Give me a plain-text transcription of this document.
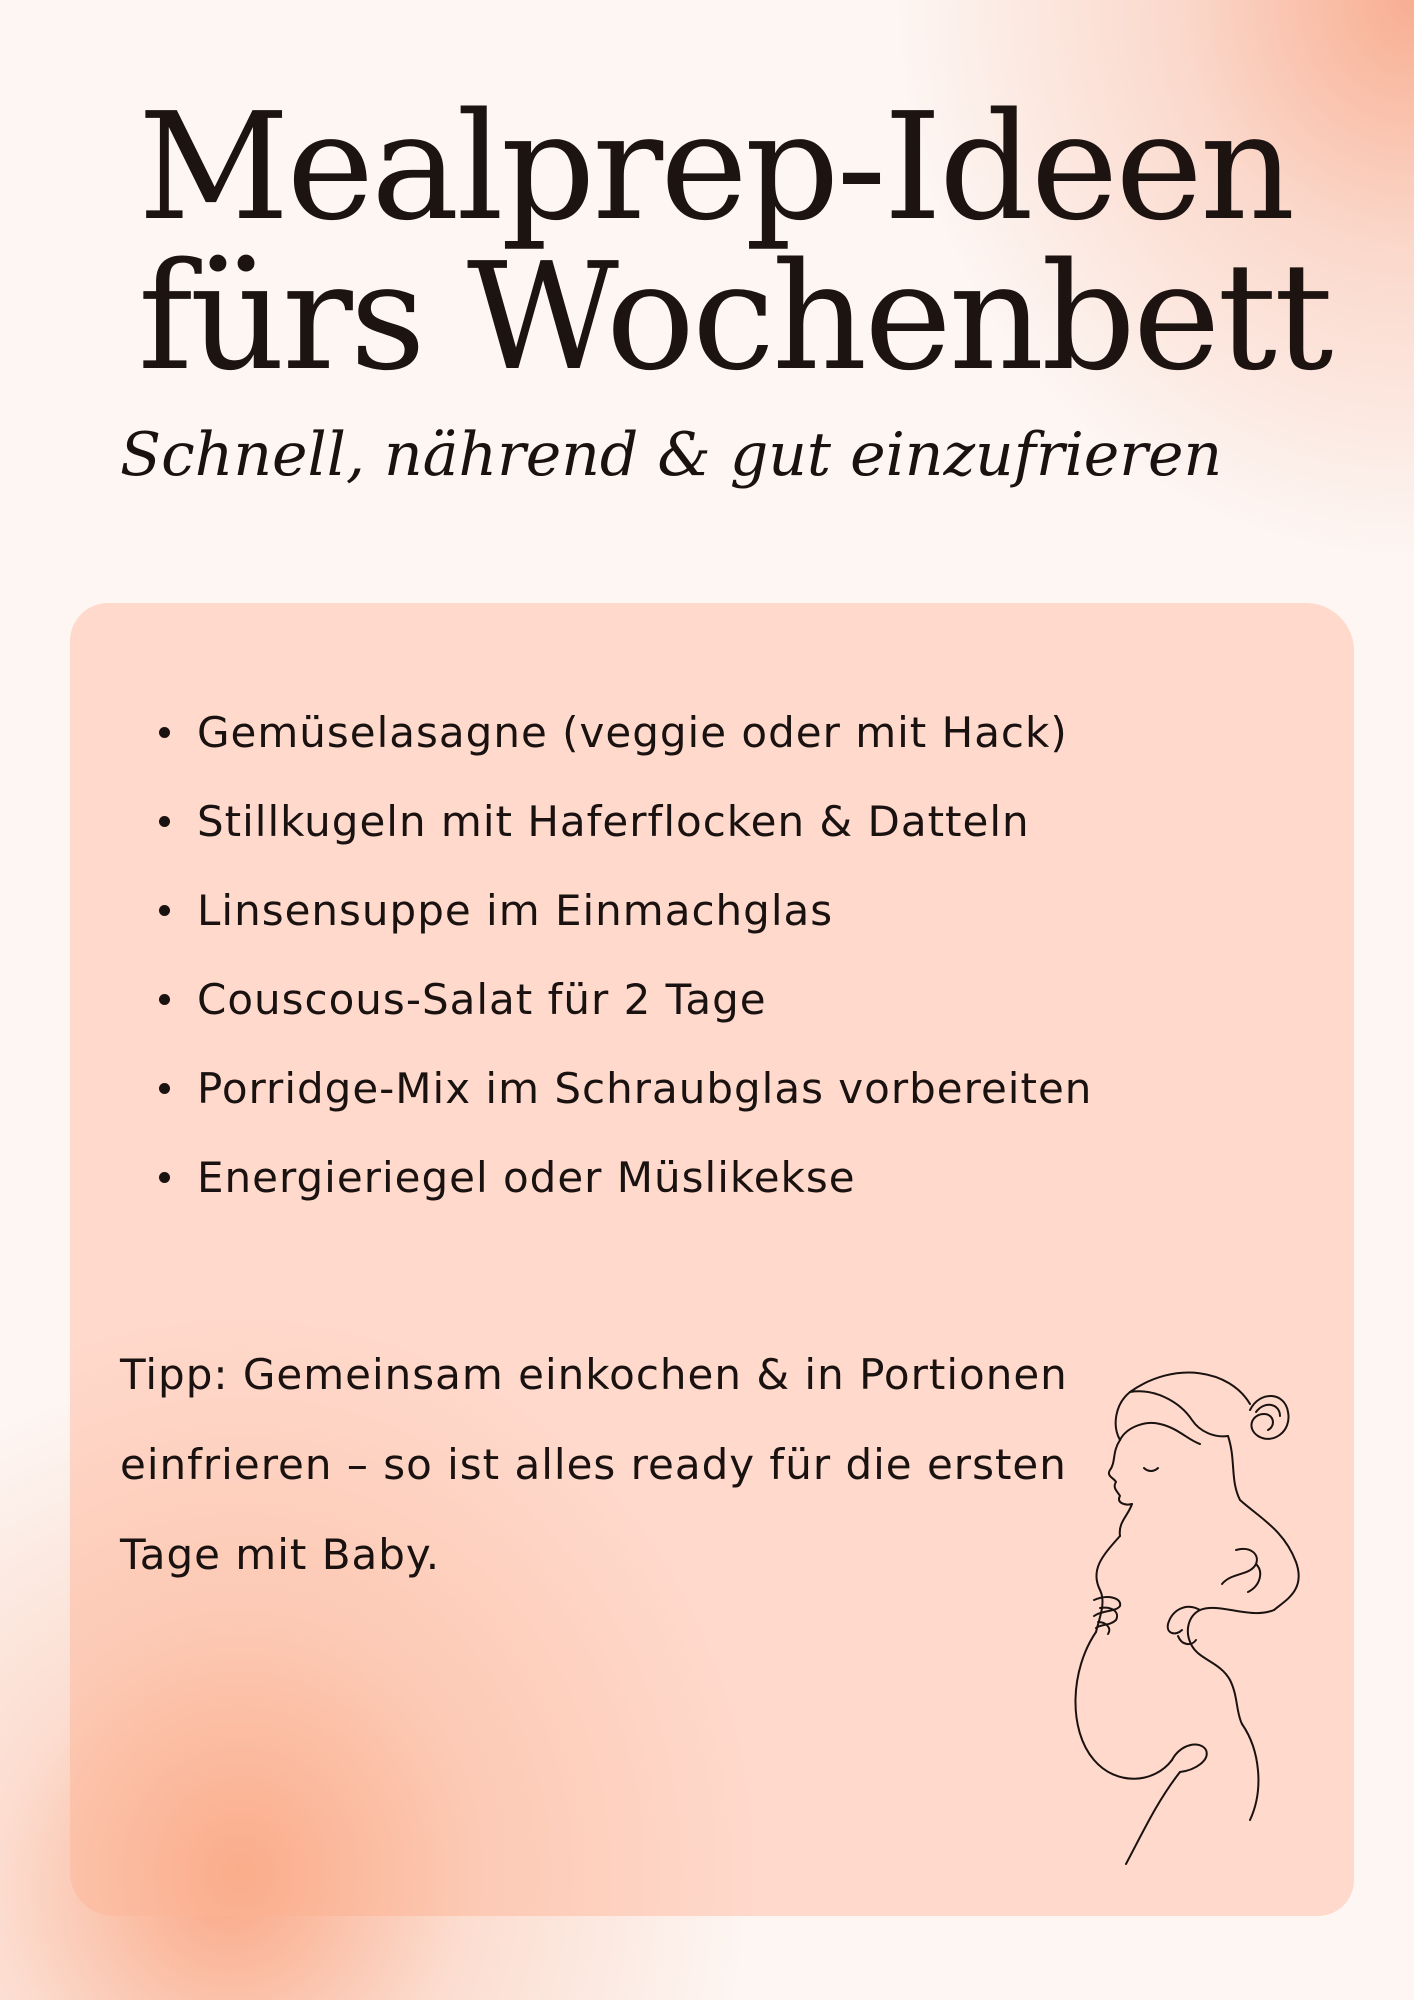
Mealprep-Ideen
fürs Wochenbett

Schnell, nährend & gut einzufrieren

Gemüselasagne (veggie oder mit Hack)
Stillkugeln mit Haferflocken & Datteln
Linsensuppe im Einmachglas
Couscous-Salat für 2 Tage
Porridge-Mix im Schraubglas vorbereiten
Energieriegel oder Müslikekse

Tipp: Gemeinsam einkochen & in Portionen
einfrieren – so ist alles ready für die ersten
Tage mit Baby.
